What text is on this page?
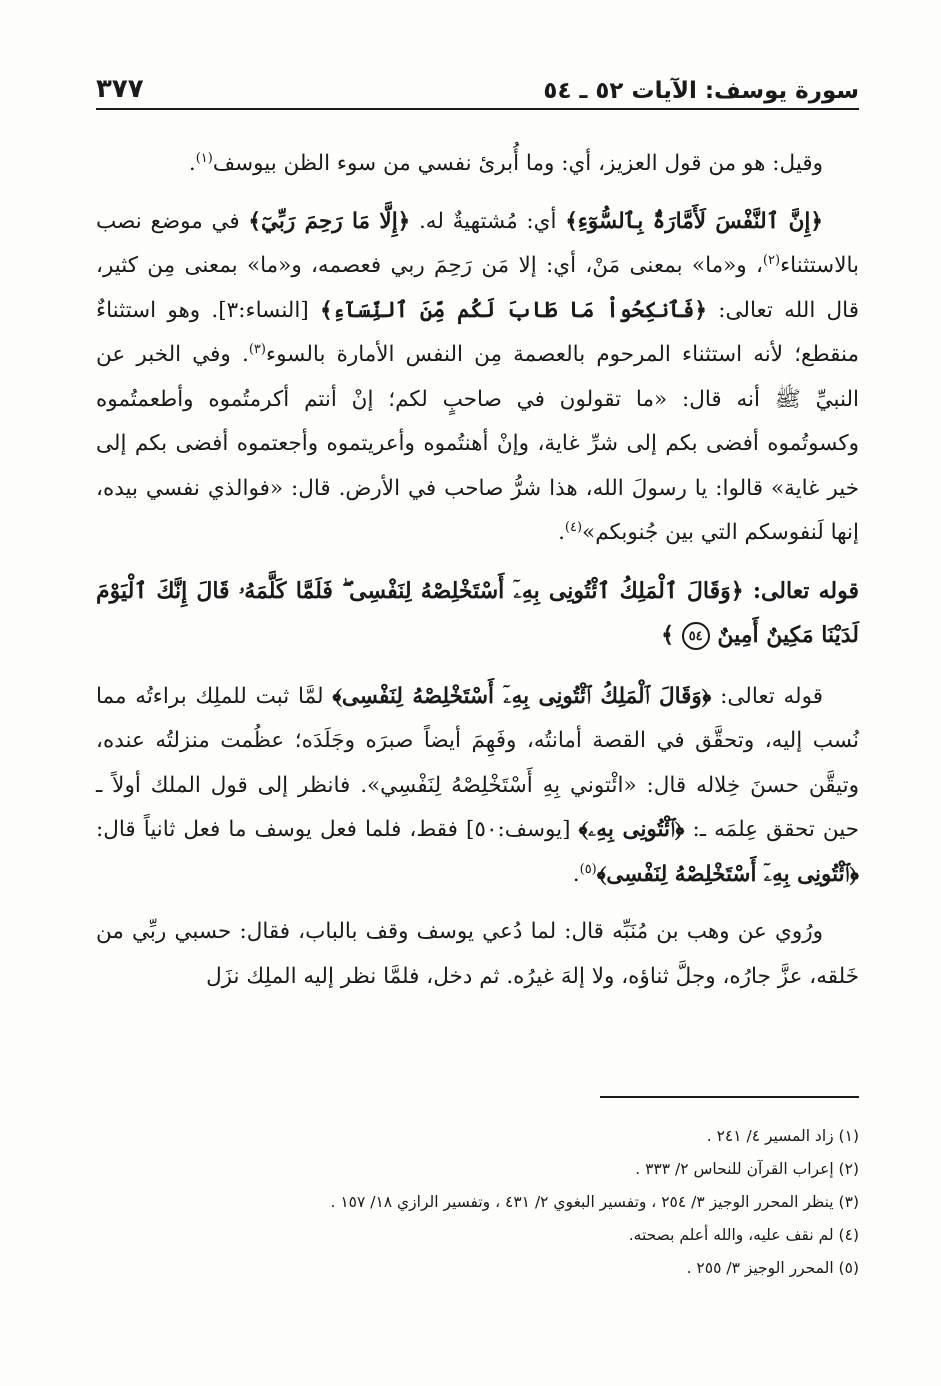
سورة يوسف: الآيات ٥٢ ـ ٥٤
٣٧٧

وقيل: هو من قول العزيز، أي: وما أُبرئ نفسي من سوء الظن بيوسف$^{(١)}$.

﴿إِنَّ ٱلنَّفْسَ لَأَمَّارَةٌۢ بِٱلسُّوٓءِ﴾ أي: مُشتهيةٌ له. ﴿إِلَّا مَا رَحِمَ رَبِّيٓ﴾ في موضع نصب بالاستثناء$^{(٢)}$، و«ما» بمعنى مَنْ، أي: إلا مَن رَحِمَ ربي فعصمه، و«ما» بمعنى مِن كثير، قال الله تعالى: ﴿فَٱنكِحُواْ مَا طَابَ لَكُم مِّنَ ٱلنِّسَآءِ﴾ [النساء:٣]. وهو استثناءٌ منقطع؛ لأنه استثناء المرحوم بالعصمة مِن النفس الأمارة بالسوء$^{(٣)}$. وفي الخبر عن النبيِّ ﷺ أنه قال: «ما تقولون في صاحبٍ لكم؛ إنْ أنتم أكرمتُموه وأطعمتُموه وكسوتُموه أفضى بكم إلى شرِّ غاية، وإنْ أهنتُموه وأعريتموه وأجعتموه أفضى بكم إلى خير غاية» قالوا: يا رسولَ الله، هذا شرُّ صاحب في الأرض. قال: «فوالذي نفسي بيده، إنها لَنفوسكم التي بين جُنوبكم»$^{(٤)}$.

قوله تعالى: ﴿وَقَالَ ٱلْمَلِكُ ٱئْتُونِى بِهِۦٓ أَسْتَخْلِصْهُ لِنَفْسِى ۖ فَلَمَّا كَلَّمَهُۥ قَالَ إِنَّكَ ٱلْيَوْمَ لَدَيْنَا مَكِينٌ أَمِينٌ ٥٤ ﴾

قوله تعالى: ﴿وَقَالَ ٱلْمَلِكُ ٱئْتُونِى بِهِۦٓ أَسْتَخْلِصْهُ لِنَفْسِى﴾ لمَّا ثبت للملِك براءتُه مما نُسب إليه، وتحقَّق في القصة أمانتُه، وفَهِمَ أيضاً صبرَه وجَلَدَه؛ عظُمت منزلتُه عنده، وتيقَّن حسنَ خِلاله قال: «ائْتوني بِهِ أَسْتَخْلِصْهُ لِنَفْسِي». فانظر إلى قول الملك أولاً ـ حين تحقق عِلمَه ـ: ﴿ٱئْتُونِى بِهِۦ﴾ [يوسف:٥٠] فقط، فلما فعل يوسف ما فعل ثانياً قال: ﴿ٱئْتُونِى بِهِۦٓ أَسْتَخْلِصْهُ لِنَفْسِى﴾$^{(٥)}$.

ورُوي عن وهب بن مُنَبِّه قال: لما دُعي يوسف وقف بالباب، فقال: حسبي ربِّي من خَلقه، عزَّ جارُه، وجلَّ ثناؤه، ولا إلهَ غيرُه. ثم دخل، فلمَّا نظر إليه الملِك نزَل

(١) زاد المسير ٤/ ٢٤١ .
(٢) إعراب القرآن للنحاس ٢/ ٣٣٣ .
(٣) ينظر المحرر الوجيز ٣/ ٢٥٤ ، وتفسير البغوي ٢/ ٤٣١ ، وتفسير الرازي ١٨/ ١٥٧ .
(٤) لم نقف عليه، والله أعلم بصحته.
(٥) المحرر الوجيز ٣/ ٢٥٥ .
